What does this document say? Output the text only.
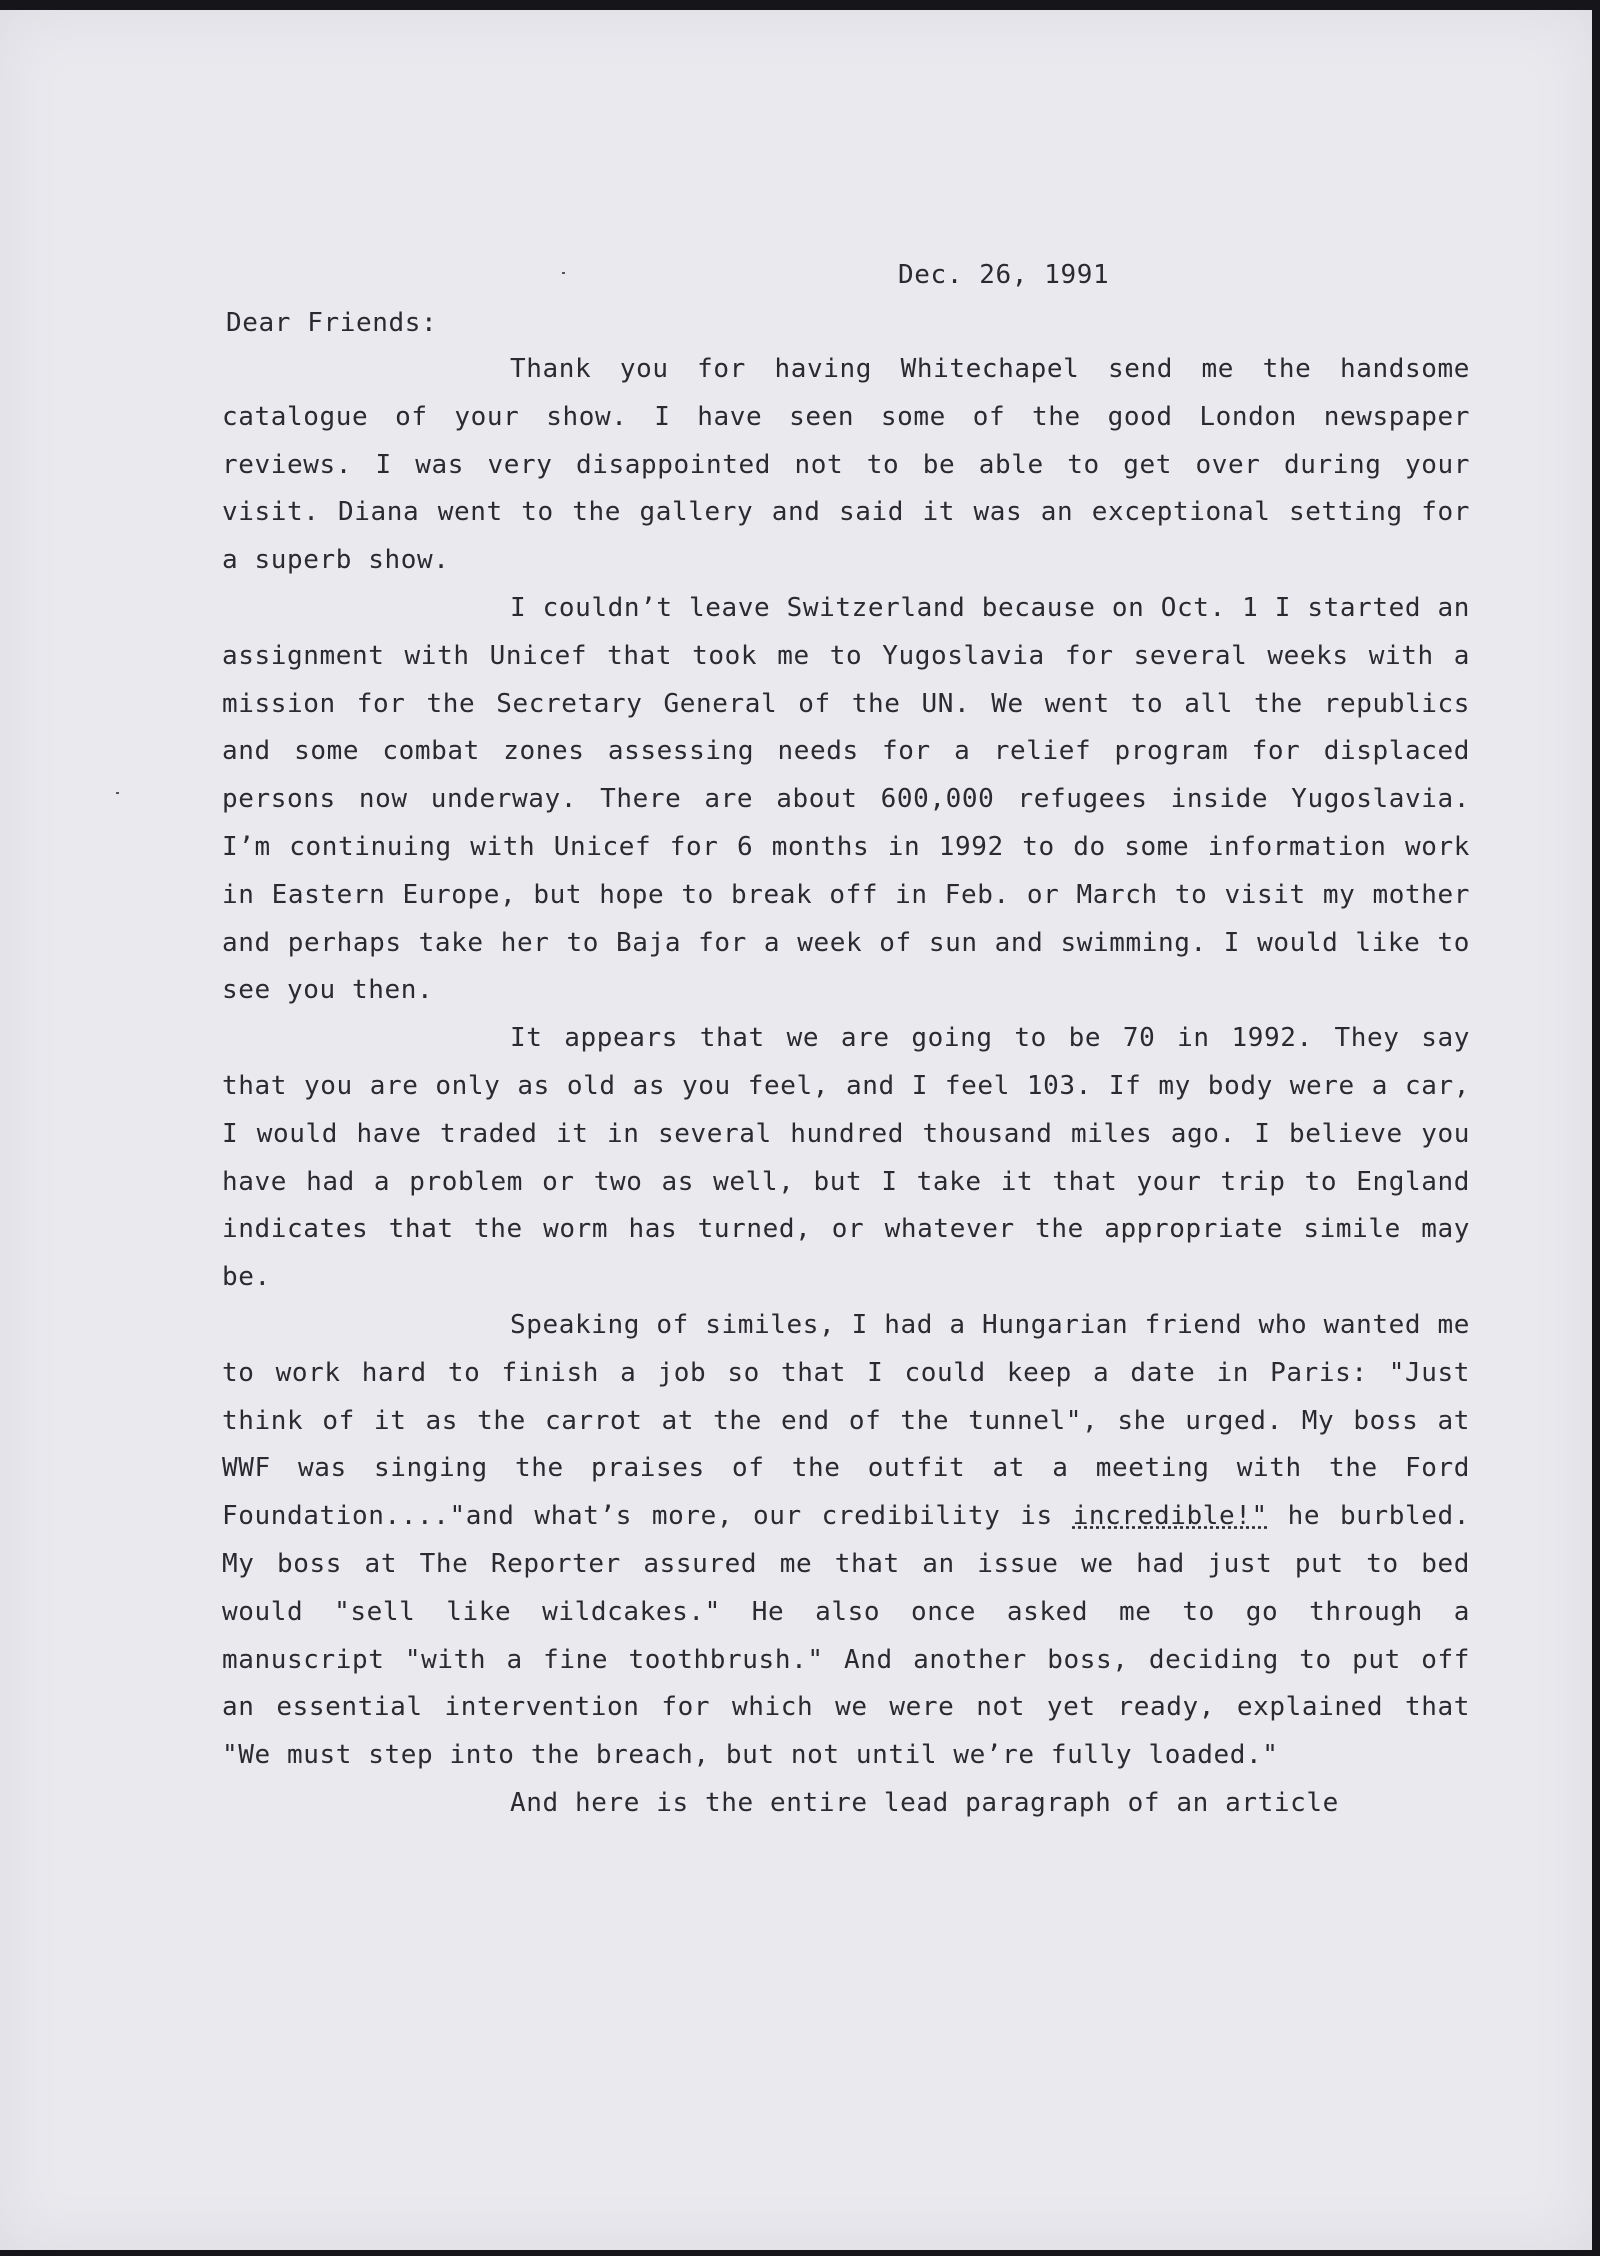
Dec. 26, 1991
Dear Friends:

Thank you for having Whitechapel send me the handsome catalogue of your show. I have seen some of the good London newspaper reviews. I was very disappointed not to be able to get over during your visit. Diana went to the gallery and said it was an exceptional setting for a superb show.

I couldn’t leave Switzerland because on Oct. 1 I started an assignment with Unicef that took me to Yugoslavia for several weeks with a mission for the Secretary General of the UN. We went to all the republics and some combat zones assessing needs for a relief program for displaced persons now underway. There are about 600,000 refugees inside Yugoslavia. I’m continuing with Unicef for 6 months in 1992 to do some information work in Eastern Europe, but hope to break off in Feb. or March to visit my mother and perhaps take her to Baja for a week of sun and swimming. I would like to see you then.

It appears that we are going to be 70 in 1992. They say that you are only as old as you feel, and I feel 103. If my body were a car, I would have traded it in several hundred thousand miles ago. I believe you have had a problem or two as well, but I take it that your trip to England indicates that the worm has turned, or whatever the appropriate simile may be.

Speaking of similes, I had a Hungarian friend who wanted me to work hard to finish a job so that I could keep a date in Paris: "Just think of it as the carrot at the end of the tunnel", she urged. My boss at WWF was singing the praises of the outfit at a meeting with the Ford Foundation...."and what’s more, our credibility is incredible!" he burbled. My boss at The Reporter assured me that an issue we had just put to bed would "sell like wildcakes." He also once asked me to go through a manuscript "with a fine toothbrush." And another boss, deciding to put off an essential intervention for which we were not yet ready, explained that "We must step into the breach, but not until we’re fully loaded."

And here is the entire lead paragraph of an article
